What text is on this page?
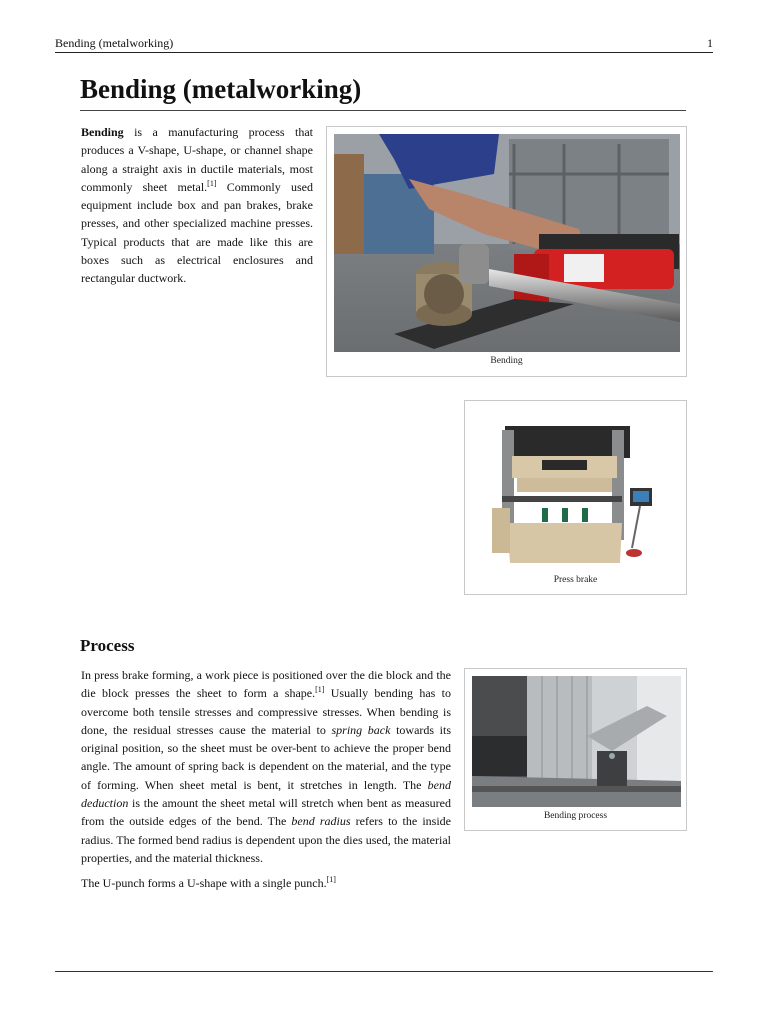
Bending (metalworking)	1
Bending (metalworking)

Bending is a manufacturing process that produces a V-shape, U-shape, or channel shape along a straight axis in ductile materials, most commonly sheet metal.[1] Commonly used equipment include box and pan brakes, brake presses, and other specialized machine presses. Typical products that are made like this are boxes such as electrical enclosures and rectangular ductwork.

Bending
Press brake
Process

In press brake forming, a work piece is positioned over the die block and the die block presses the sheet to form a shape.[1] Usually bending has to overcome both tensile stresses and compressive stresses. When bending is done, the residual stresses cause the material to spring back towards its original position, so the sheet must be over-bent to achieve the proper bend angle. The amount of spring back is dependent on the material, and the type of forming. When sheet metal is bent, it stretches in length. The bend deduction is the amount the sheet metal will stretch when bent as measured from the outside edges of the bend. The bend radius refers to the inside radius. The formed bend radius is dependent upon the dies used, the material properties, and the material thickness.

The U-punch forms a U-shape with a single punch.[1]

Bending process
